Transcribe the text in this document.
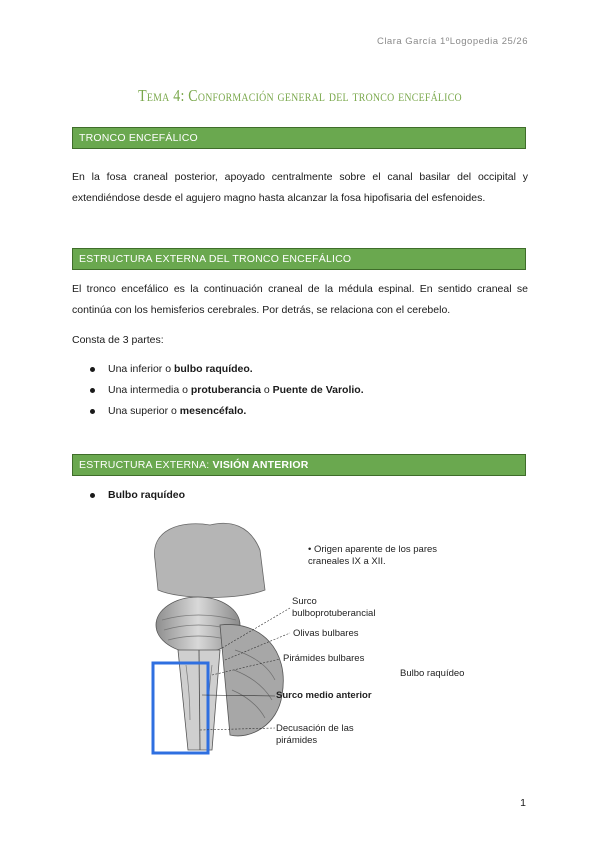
Clara García 1ºLogopedia 25/26
Tema 4: Conformación general del tronco encefálico
TRONCO ENCEFÁLICO

En la fosa craneal posterior, apoyado centralmente sobre el canal basilar del occipital y extendiéndose desde el agujero magno hasta alcanzar la fosa hipofisaria del esfenoides.

ESTRUCTURA EXTERNA DEL TRONCO ENCEFÁLICO

El tronco encefálico es la continuación craneal de la médula espinal. En sentido craneal se continúa con los hemisferios cerebrales. Por detrás, se relaciona con el cerebelo.

Consta de 3 partes:

Una inferior o bulbo raquídeo.
Una intermedia o protuberancia o Puente de Varolio.
Una superior o mesencéfalo.
ESTRUCTURA EXTERNA: VISIÓN ANTERIOR
Bulbo raquídeo
• Origen aparente de los pares
craneales IX a XII.
Surco
bulboprotuberancial
Olivas bulbares
Pirámides bulbares
Surco medio anterior
Decusación de las
pirámides
Bulbo raquídeo
1
